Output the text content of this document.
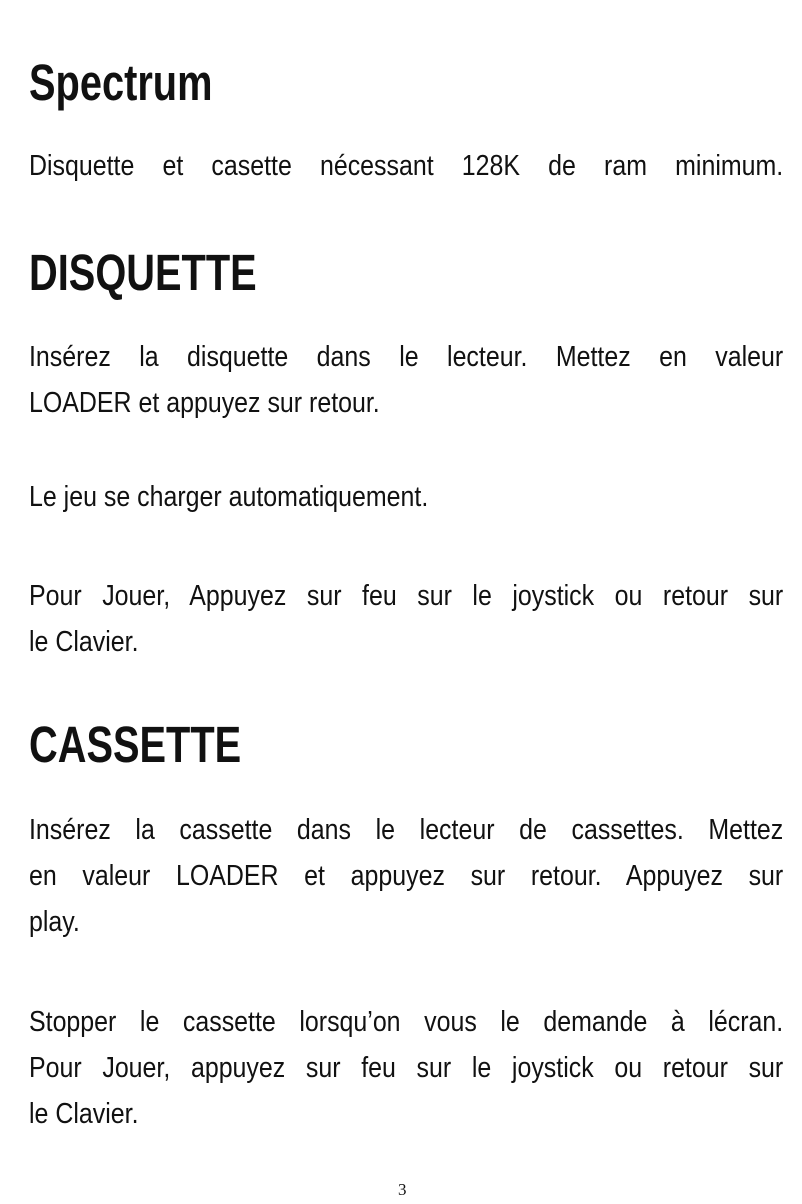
Spectrum

Disquette et casette nécessant 128K de ram minimum.

DISQUETTE

Insérez la disquette dans le lecteur. Mettez en valeur
LOADER et appuyez sur retour.

Le jeu se charger automatiquement.

Pour Jouer, Appuyez sur feu sur le joystick ou retour sur
le Clavier.

CASSETTE

Insérez la cassette dans le lecteur de cassettes. Mettez
en valeur LOADER et appuyez sur retour. Appuyez sur
play.

Stopper le cassette lorsqu’on vous le demande à lécran.
Pour Jouer, appuyez sur feu sur le joystick ou retour sur
le Clavier.

3
